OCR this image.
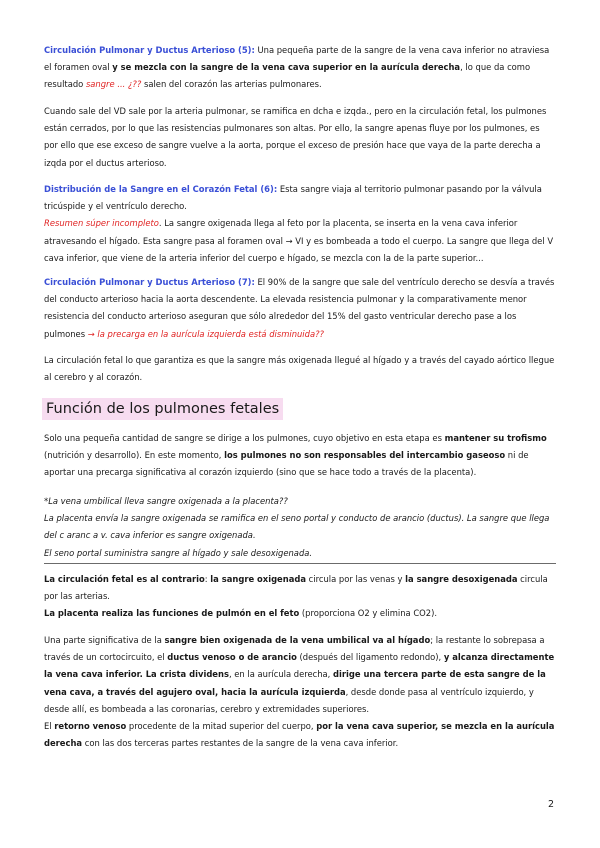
Circulación Pulmonar y Ductus Arterioso (5): Una pequeña parte de la sangre de la vena cava inferior no atraviesa el foramen oval y se mezcla con la sangre de la vena cava superior en la aurícula derecha, lo que da como resultado sangre ... ¿?? salen del corazón las arterias pulmonares.

Cuando sale del VD sale por la arteria pulmonar, se ramifica en dcha e izqda., pero en la circulación fetal, los pulmones están cerrados, por lo que las resistencias pulmonares son altas. Por ello, la sangre apenas fluye por los pulmones, es por ello que ese exceso de sangre vuelve a la aorta, porque el exceso de presión hace que vaya de la parte derecha a izqda por el ductus arterioso.

Distribución de la Sangre en el Corazón Fetal (6): Esta sangre viaja al territorio pulmonar pasando por la válvula tricúspide y el ventrículo derecho.
Resumen súper incompleto. La sangre oxigenada llega al feto por la placenta, se inserta en la vena cava inferior atravesando el hígado. Esta sangre pasa al foramen oval → VI y es bombeada a todo el cuerpo. La sangre que llega del V cava inferior, que viene de la arteria inferior del cuerpo e hígado, se mezcla con la de la parte superior...

Circulación Pulmonar y Ductus Arterioso (7): El 90% de la sangre que sale del ventrículo derecho se desvía a través del conducto arterioso hacia la aorta descendente. La elevada resistencia pulmonar y la comparativamente menor resistencia del conducto arterioso aseguran que sólo alrededor del 15% del gasto ventricular derecho pase a los pulmones → la precarga en la aurícula izquierda está disminuida??

La circulación fetal lo que garantiza es que la sangre más oxigenada llegué al hígado y a través del cayado aórtico llegue al cerebro y al corazón.

Función de los pulmones fetales

Solo una pequeña cantidad de sangre se dirige a los pulmones, cuyo objetivo en esta etapa es mantener su trofismo (nutrición y desarrollo). En este momento, los pulmones no son responsables del intercambio gaseoso ni de aportar una precarga significativa al corazón izquierdo (sino que se hace todo a través de la placenta).

*La vena umbilical lleva sangre oxigenada a la placenta??
La placenta envía la sangre oxigenada se ramifica en el seno portal y conducto de arancio (ductus). La sangre que llega del c aranc a v. cava inferior es sangre oxigenada.
El seno portal suministra sangre al hígado y sale desoxigenada.

La circulación fetal es al contrario: la sangre oxigenada circula por las venas y la sangre desoxigenada circula por las arterias.
La placenta realiza las funciones de pulmón en el feto (proporciona O2 y elimina CO2).

Una parte significativa de la sangre bien oxigenada de la vena umbilical va al hígado; la restante lo sobrepasa a través de un cortocircuito, el ductus venoso o de arancio (después del ligamento redondo), y alcanza directamente la vena cava inferior. La crista dividens, en la aurícula derecha, dirige una tercera parte de esta sangre de la vena cava, a través del agujero oval, hacia la aurícula izquierda, desde donde pasa al ventrículo izquierdo, y desde allí, es bombeada a las coronarias, cerebro y extremidades superiores.
El retorno venoso procedente de la mitad superior del cuerpo, por la vena cava superior, se mezcla en la aurícula derecha con las dos terceras partes restantes de la sangre de la vena cava inferior.

2
